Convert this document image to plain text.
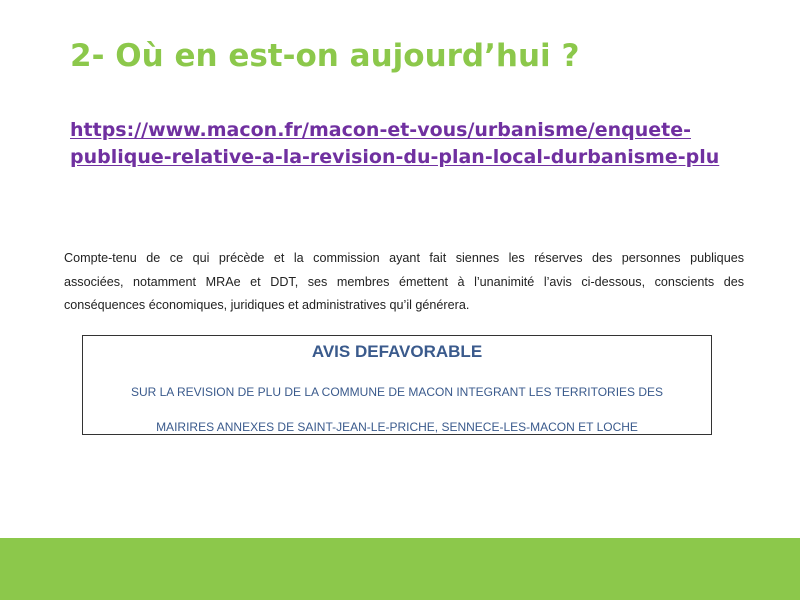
2- Où en est-on aujourd’hui ?
https://www.macon.fr/macon-et-vous/urbanisme/enquete-
publique-relative-a-la-revision-du-plan-local-durbanisme-plu
Compte-tenu de ce qui précède et la commission ayant fait siennes les réserves des personnes publiques
associées, notamment MRAe et DDT, ses membres émettent à l’unanimité l’avis ci-dessous, conscients des
conséquences économiques, juridiques et administratives qu’il générera.
AVIS DEFAVORABLE
SUR LA REVISION DE PLU DE LA COMMUNE DE MACON INTEGRANT LES TERRITORIES DES
MAIRIRES ANNEXES DE SAINT-JEAN-LE-PRICHE, SENNECE-LES-MACON ET LOCHE
